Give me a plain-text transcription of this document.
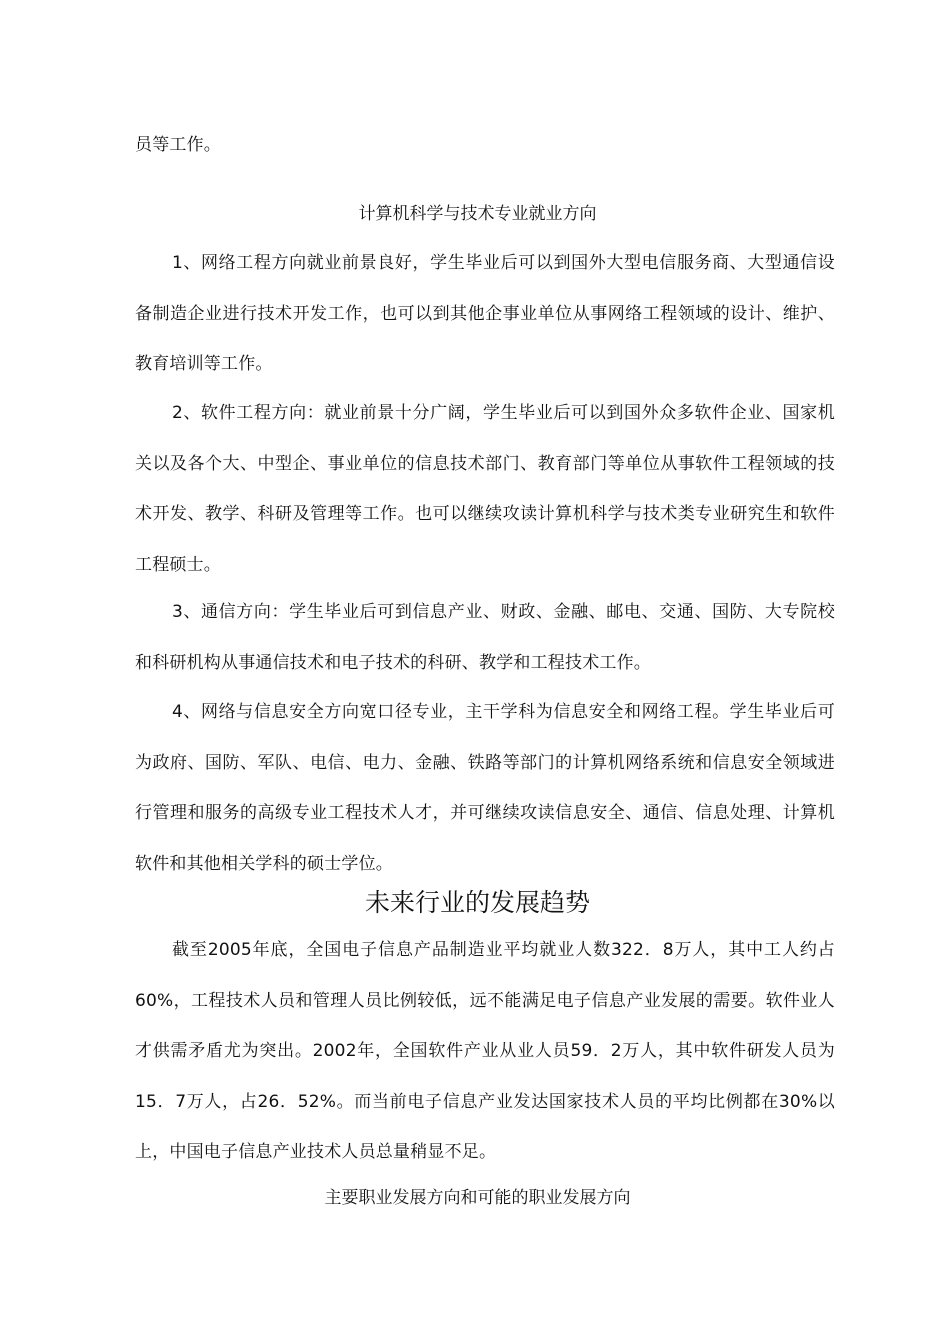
员等工作。

计算机科学与技术专业就业方向

1、网络工程方向就业前景良好，学生毕业后可以到国外大型电信服务商、大型通信设备制造企业进行技术开发工作，也可以到其他企事业单位从事网络工程领域的设计、维护、教育培训等工作。

2、软件工程方向：就业前景十分广阔，学生毕业后可以到国外众多软件企业、国家机关以及各个大、中型企、事业单位的信息技术部门、教育部门等单位从事软件工程领域的技术开发、教学、科研及管理等工作。也可以继续攻读计算机科学与技术类专业研究生和软件工程硕士。

3、通信方向：学生毕业后可到信息产业、财政、金融、邮电、交通、国防、大专院校和科研机构从事通信技术和电子技术的科研、教学和工程技术工作。

4、网络与信息安全方向宽口径专业，主干学科为信息安全和网络工程。学生毕业后可为政府、国防、军队、电信、电力、金融、铁路等部门的计算机网络系统和信息安全领域进行管理和服务的高级专业工程技术人才，并可继续攻读信息安全、通信、信息处理、计算机软件和其他相关学科的硕士学位。

未来行业的发展趋势

截至2005年底，全国电子信息产品制造业平均就业人数322．8万人，其中工人约占60%，工程技术人员和管理人员比例较低，远不能满足电子信息产业发展的需要。软件业人才供需矛盾尤为突出。2002年，全国软件产业从业人员59．2万人，其中软件研发人员为15．7万人，占26．52%。而当前电子信息产业发达国家技术人员的平均比例都在30%以上，中国电子信息产业技术人员总量稍显不足。

主要职业发展方向和可能的职业发展方向
